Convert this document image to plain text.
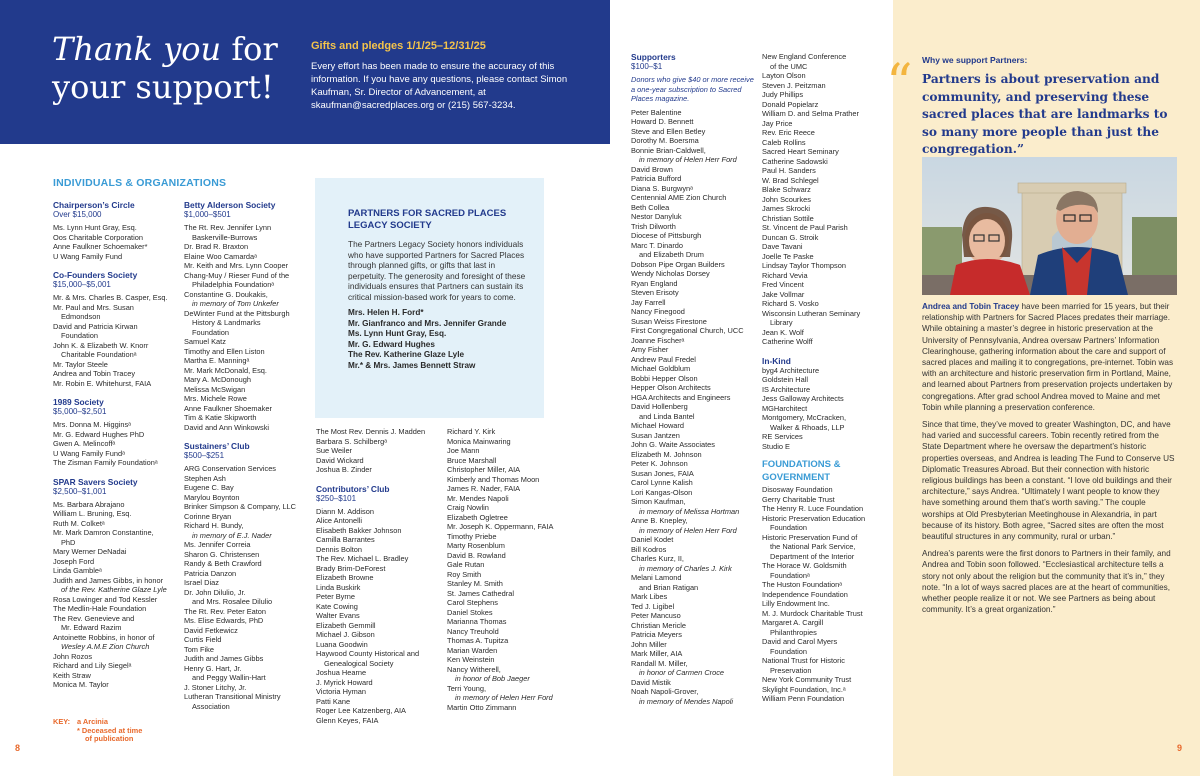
Thank you for
your support!
Gifts and pledges 1/1/25–12/31/25
Every effort has been made to ensure the accuracy of this information. If you have any questions, please contact Simon Kaufman, Sr. Director of Advancement, at skaufman@sacredplaces.org or (215) 567-3234.
INDIVIDUALS & ORGANIZATIONS
Chairperson’s Circle
Over $15,000
Ms. Lynn Hunt Gray, Esq.
Oos Charitable Corporation
Anne Faulkner Schoemaker*
U Wang Family Fund
Co-Founders Society
$15,000–$5,001
Mr. & Mrs. Charles B. Casper, Esq.
Mr. Paul and Mrs. Susan
Edmondson
David and Patricia Kirwan
Foundation
John K. & Elizabeth W. Knorr
Charitable Foundationᵃ
Mr. Taylor Steele
Andrea and Tobin Tracey
Mr. Robin E. Whitehurst, FAIA
1989 Society
$5,000–$2,501
Mrs. Donna M. Higginsᵃ
Mr. G. Edward Hughes PhD
Gwen A. Melincoffᵃ
U Wang Family Fundᵃ
The Zisman Family Foundationᵃ
SPAR Savers Society
$2,500–$1,001
Ms. Barbara Abrajano
William L. Bruning, Esq.
Ruth M. Colketᵃ
Mr. Mark Damron Constantine,
PhD
Mary Werner DeNadai
Joseph Ford
Linda Gambleᵃ
Judith and James Gibbs, in honor
of the Rev. Katherine Glaze Lyle
Rosa Lowinger and Tod Kessler
The Medlin-Hale Foundation
The Rev. Genevieve and
Mr. Edward Razim
Antoinette Robbins, in honor of
Wesley A.M.E Zion Church
John Rozos
Richard and Lily Siegelᵃ
Keith Straw
Monica M. Taylor
Betty Alderson Society
$1,000–$501
The Rt. Rev. Jennifer Lynn
Baskerville-Burrows
Dr. Brad R. Braxton
Elaine Woo Camardaᵃ
Mr. Keith and Mrs. Lynn Cooper
Chang-Muy / Rieser Fund of the
Philadelphia Foundationᵃ
Constantine G. Doukakis,
in memory of Tom Unkefer
DeWinter Fund at the Pittsburgh
History & Landmarks
Foundation
Samuel Katz
Timothy and Ellen Liston
Martha E. Manningᵃ
Mr. Mark McDonald, Esq.
Mary A. McDonough
Melissa McSwigan
Mrs. Michele Rowe
Anne Faulkner Shoemaker
Tim & Katie Skipworth
David and Ann Winkowski
Sustainers’ Club
$500–$251
ARG Conservation Services
Stephen Ash
Eugene C. Bay
Marylou Boynton
Brinker Simpson & Company, LLC
Corinne Bryan
Richard H. Bundy,
in memory of E.J. Nader
Ms. Jennifer Correia
Sharon G. Christensen
Randy & Beth Crawford
Patricia Danzon
Israel Diaz
Dr. John Dilulio, Jr.
and Mrs. Rosalee Dilulio
The Rt. Rev. Peter Eaton
Ms. Elise Edwards, PhD
David Fetkewicz
Curtis Field
Tom Fike
Judith and James Gibbs
Henry G. Hart, Jr.
and Peggy Wallin-Hart
J. Stoner Litchy, Jr.
Lutheran Transitional Ministry
Association
PARTNERS FOR SACRED PLACES LEGACY SOCIETY
The Partners Legacy Society honors individuals who have supported Partners for Sacred Places through planned gifts, or gifts that last in perpetuity. The generosity and foresight of these individuals ensures that Partners can sustain its critical mission-based work for years to come.
Mrs. Helen H. Ford*
Mr. Gianfranco and Mrs. Jennifer Grande
Ms. Lynn Hunt Gray, Esq.
Mr. G. Edward Hughes
The Rev. Katherine Glaze Lyle
Mr.* & Mrs. James Bennett Straw
The Most Rev. Dennis J. Madden
Barbara S. Schilbergᵃ
Sue Weiler
David Wickard
Joshua B. Zinder
Contributors’ Club
$250–$101
Diann M. Addison
Alice Antonelli
Elisabeth Bakker Johnson
Camilla Barrantes
Dennis Bolton
The Rev. Michael L. Bradley
Brady Brim-DeForest
Elizabeth Browne
Linda Buskirk
Peter Byrne
Kate Cowing
Walter Evans
Elizabeth Gemmill
Michael J. Gibson
Luana Goodwin
Haywood County Historical and
Genealogical Society
Joshua Hearne
J. Myrick Howard
Victoria Hyman
Patti Kane
Roger Lee Katzenberg, AIA
Glenn Keyes, FAIA
Richard Y. Kirk
Monica Mainwaring
Joe Mann
Bruce Marshall
Christopher Miller, AIA
Kimberly and Thomas Moon
James R. Nader, FAIA
Mr. Mendes Napoli
Craig Nowlin
Elizabeth Ogletree
Mr. Joseph K. Oppermann, FAIA
Timothy Priebe
Marty Rosenblum
David B. Rowland
Gale Rutan
Roy Smith
Stanley M. Smith
St. James Cathedral
Carol Stephens
Daniel Stokes
Marianna Thomas
Nancy Treuhold
Thomas A. Tupitza
Marian Warden
Ken Weinstein
Nancy Witherell,
in honor of Bob Jaeger
Terri Young,
in memory of Helen Herr Ford
Martin Otto Zimmann
Supporters
$100–$1
Donors who give $40 or more receive a one-year subscription to Sacred Places magazine.
Peter Balentine
Howard D. Bennett
Steve and Ellen Betley
Dorothy M. Boersma
Bonnie Brian-Caldwell,
in memory of Helen Herr Ford
David Brown
Patricia Bufford
Diana S. Burgwynᵃ
Centennial AME Zion Church
Beth Collea
Nestor Danyluk
Trish Dilworth
Diocese of Pittsburgh
Marc T. Dinardo
and Elizabeth Drum
Dobson Pipe Organ Builders
Wendy Nicholas Dorsey
Ryan England
Steven Erisoty
Jay Farrell
Nancy Finegood
Susan Weiss Firestone
First Congregational Church, UCC
Joanne Fischerᵃ
Amy Fisher
Andrew Paul Fredel
Michael Goldblum
Bobbi Hepper Olson
Hepper Olson Architects
HGA Architects and Engineers
David Hollenberg
and Linda Bantel
Michael Howard
Susan Jantzen
John G. Waite Associates
Elizabeth M. Johnson
Peter K. Johnson
Susan Jones, FAIA
Carol Lynne Kalish
Lori Kangas-Olson
Simon Kaufman,
in memory of Melissa Hortman
Anne B. Knepley,
in memory of Helen Herr Ford
Daniel Kodet
Bill Kodros
Charles Kurz, II,
in memory of Charles J. Kirk
Melani Lamond
and Brian Ratigan
Mark Libes
Ted J. Ligibel
Peter Mancuso
Christian Mericle
Patricia Meyers
John Miller
Mark Miller, AIA
Randall M. Miller,
in honor of Carmen Croce
David Mistik
Noah Napoli-Grover,
in memory of Mendes Napoli
New England Conference
of the UMC
Layton Olson
Steven J. Peitzman
Judy Phillips
Donald Popielarz
William D. and Selma Prather
Jay Price
Rev. Eric Reece
Caleb Rollins
Sacred Heart Seminary
Catherine Sadowski
Paul H. Sanders
W. Brad Schlegel
Blake Schwarz
John Scourkes
James Skrocki
Christian Sottile
St. Vincent de Paul Parish
Duncan G. Stroik
Dave Tavani
Joelle Te Paske
Lindsay Taylor Thompson
Richard Vevia
Fred Vincent
Jake Vollmar
Richard S. Vosko
Wisconsin Lutheran Seminary
Library
Jean K. Wolf
Catherine Wolff
In-Kind
byg4 Architecture
Goldstein Hall
IS Architecture
Jess Galloway Architects
MGHarchitect
Montgomery, McCracken,
Walker & Rhoads, LLP
RE Services
Studio E
FOUNDATIONS &
GOVERNMENT
Disosway Foundation
Gerry Charitable Trust
The Henry R. Luce Foundation
Historic Preservation Education
Foundation
Historic Preservation Fund of
the National Park Service,
Department of the Interior
The Horace W. Goldsmith
Foundationᵃ
The Huston Foundationᵃ
Independence Foundation
Lilly Endowment Inc.
M. J. Murdock Charitable Trust
Margaret A. Cargill
Philanthropies
David and Carol Myers
Foundation
National Trust for Historic
Preservation
New York Community Trust
Skylight Foundation, Inc.ᵃ
William Penn Foundation
KEY: a Arcinia
* Deceased at time
of publication
8
Why we support Partners:
“ Partners is about preservation and community, and preserving these sacred places that are landmarks to so many more people than just the congregation.”

Andrea and Tobin Tracey have been married for 15 years, but their relationship with Partners for Sacred Places predates their marriage. While obtaining a master’s degree in historic preservation at the University of Pennsylvania, Andrea oversaw Partners’ Information Clearinghouse, gathering information about the care and support of sacred places and mailing it to congregations, pre-internet. Tobin was with an architecture and historic preservation firm in Portland, Maine, and learned about Partners from preservation projects undertaken by congregations. After grad school Andrea moved to Maine and met Tobin while planning a preservation conference.

Since that time, they’ve moved to greater Washington, DC, and have had varied and successful careers. Tobin recently retired from the State Department where he oversaw the department’s historic properties overseas, and Andrea is leading The Fund to Conserve US Diplomatic Treasures Abroad. But their connection with historic religious buildings has been a constant. “I love old buildings and their architecture,” says Andrea. “Ultimately I want people to know they have something around them that’s worth saving.” The couple worships at Old Presbyterian Meetinghouse in Alexandria, in part because of its history. Both agree, “Sacred sites are often the most beautiful structures in any community, rural or urban.”

Andrea’s parents were the first donors to Partners in their family, and Andrea and Tobin soon followed. “Ecclesiastical architecture tells a story not only about the religion but the community that it’s in,” they note. “In a lot of ways sacred places are at the heart of communities, whether people realize it or not. We see Partners as being about community. It’s a great organization.”

9
